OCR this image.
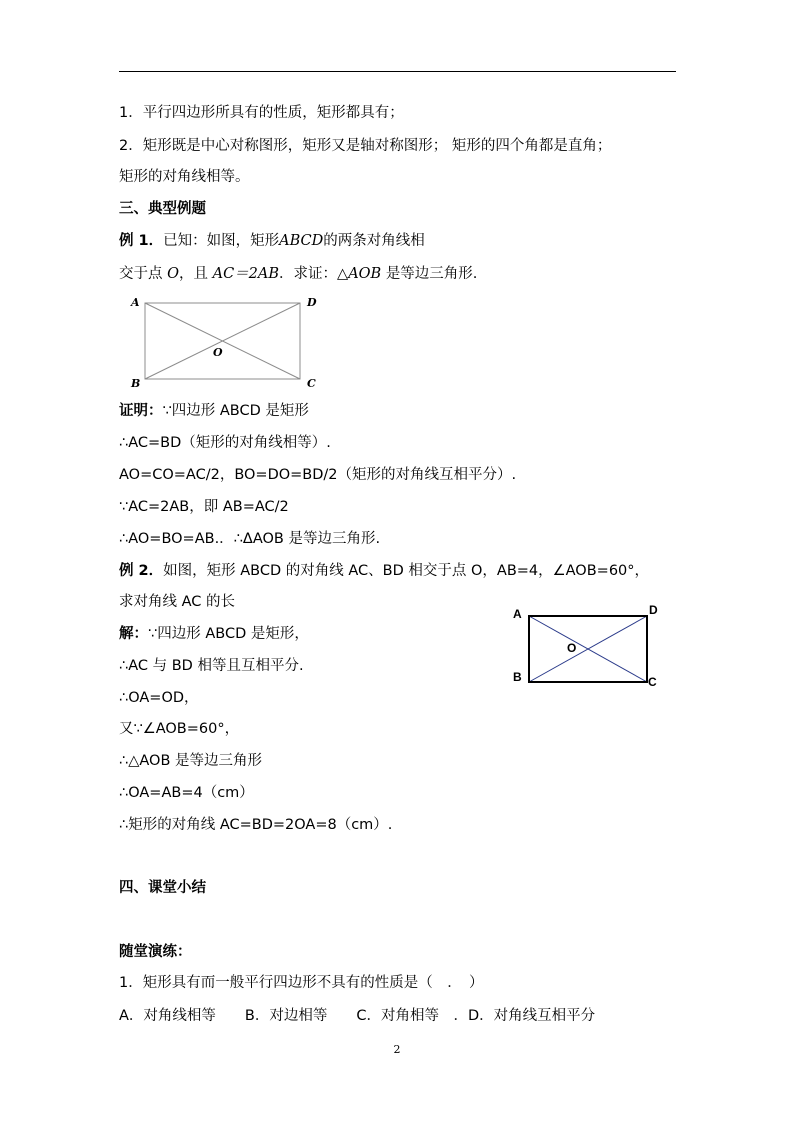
1．平行四边形所具有的性质，矩形都具有；
2．矩形既是中心对称图形，矩形又是轴对称图形； 矩形的四个角都是直角；
矩形的对角线相等。
三、典型例题
例 1．已知：如图，矩形ABCD的两条对角线相
交于点 O，且 AC＝2AB．求证：△AOB 是等边三角形.
A	D
B	C
O
证明：∵四边形 ABCD 是矩形
∴AC=BD（矩形的对角线相等）.
AO=CO=AC/2，BO=DO=BD/2（矩形的对角线互相平分）.
∵AC=2AB，即 AB=AC/2
∴AO=BO=AB.．∴ΔAOB 是等边三角形.
例 2．如图，矩形 ABCD 的对角线 AC、BD 相交于点 O，AB=4，∠AOB=60°，
求对角线 AC 的长
A	D
B	C
O
解：∵四边形 ABCD 是矩形，
∴AC 与 BD 相等且互相平分.
∴OA=OD，
又∵∠AOB=60°，
∴△AOB 是等边三角形
∴OA=AB=4（cm）
∴矩形的对角线 AC=BD=2OA=8（cm）.
四、课堂小结
随堂演练：
1．矩形具有而一般平行四边形不具有的性质是（　．　）
A．对角线相等　　B．对边相等　　C．对角相等　．D．对角线互相平分
2
